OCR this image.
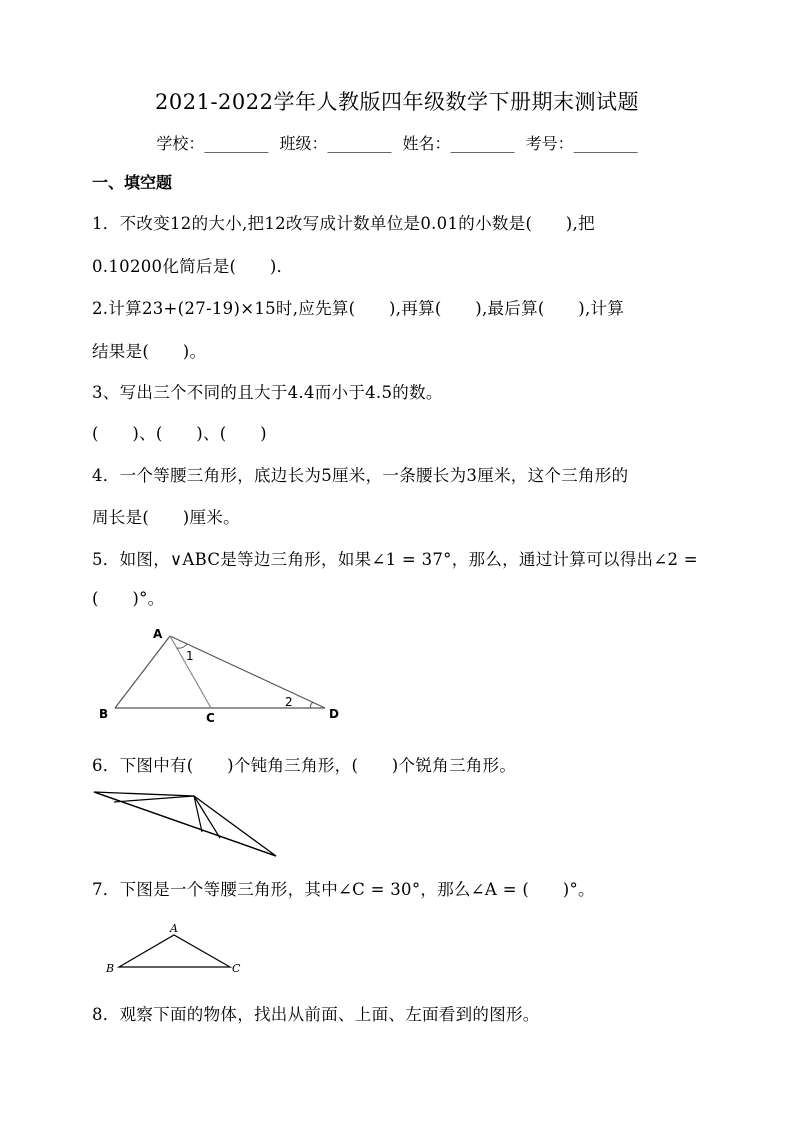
2021-2022学年人教版四年级数学下册期末测试题
学校：________ 班级：________ 姓名：________ 考号：________
一、填空题
1．不改变12的大小,把12改写成计数单位是0.01的小数是(　　),把
0.10200化简后是(　　)．
2.计算23+(27-19)×15时,应先算(　　),再算(　　),最后算(　　),计算
结果是(　　)。
3、写出三个不同的且大于4.4而小于4.5的数。
(　　)、(　　)、(　　)
4．一个等腰三角形，底边长为5厘米，一条腰长为3厘米，这个三角形的
周长是(　　)厘米。
5．如图，∨ABC是等边三角形，如果∠1 = 37°，那么，通过计算可以得出∠2 =
(　　)°。
A
B	C	D
1
2
6．下图中有(　　)个钝角三角形，(　　)个锐角三角形。
7．下图是一个等腰三角形，其中∠C = 30°，那么∠A = (　　)°。
A
B	C
8．观察下面的物体，找出从前面、上面、左面看到的图形。
